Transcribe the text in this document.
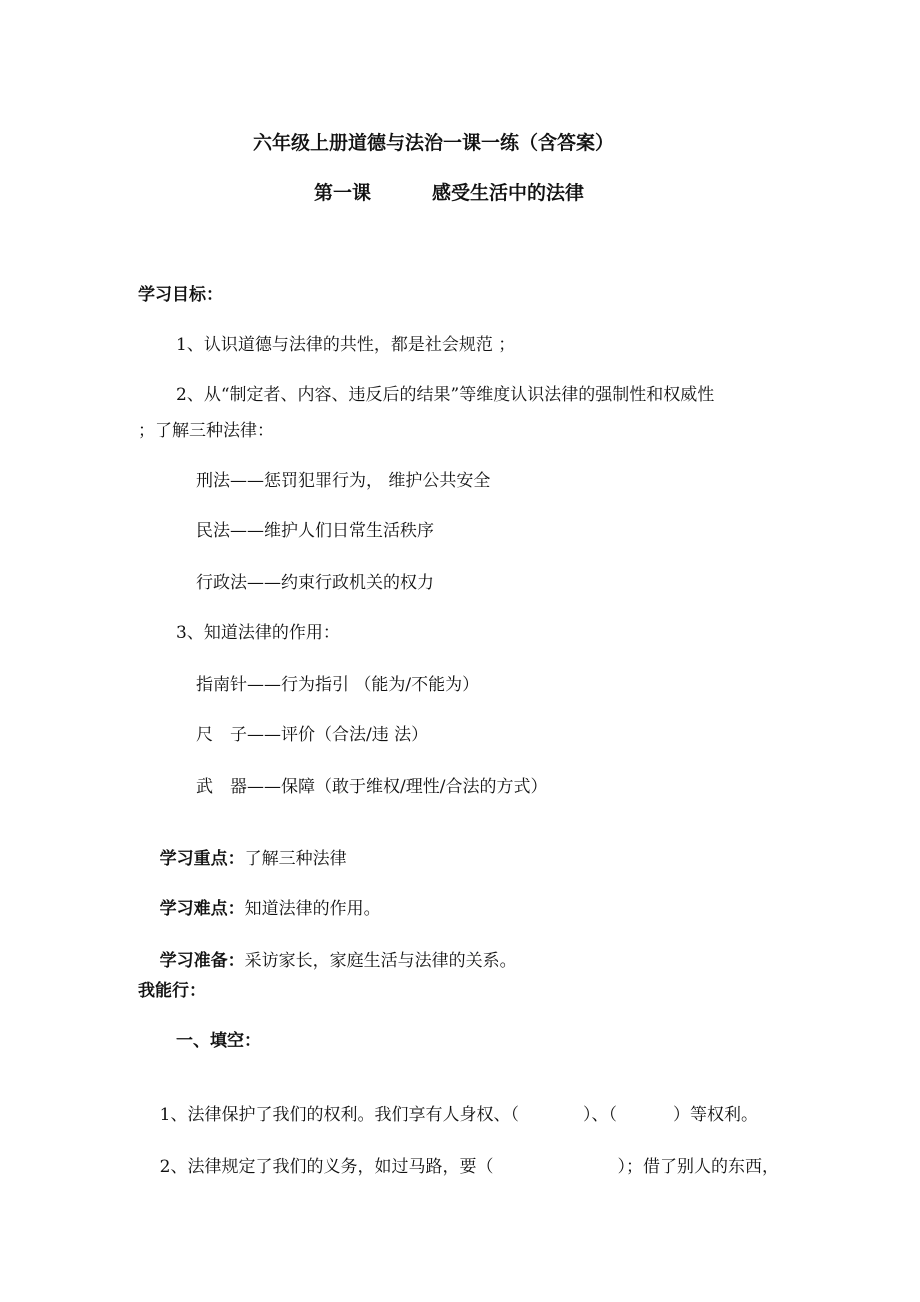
六年级上册道德与法治一课一练（含答案）
第一课	感受生活中的法律
学习目标：
1、认识道德与法律的共性，都是社会规范 ；
2、从“制定者、内容、违反后的结果”等维度认识法律的强制性和权威性
；了解三种法律：
刑法——惩罚犯罪行为， 维护公共安全
民法——维护人们日常生活秩序
行政法——约束行政机关的权力
3、知道法律的作用：
指南针——行为指引 （能为/不能为）
尺　子——评价（合法/违 法）
武　器——保障（敢于维权/理性/合法的方式）

学习重点：了解三种法律

学习难点：知道法律的作用。

学习准备：采访家长，家庭生活与法律的关系。

我能行：
一、填空：

1、法律保护了我们的权利。我们享有人身权、（	）、（	）等权利。

2、法律规定了我们的义务，如过马路，要（	）；借了别人的东西，
